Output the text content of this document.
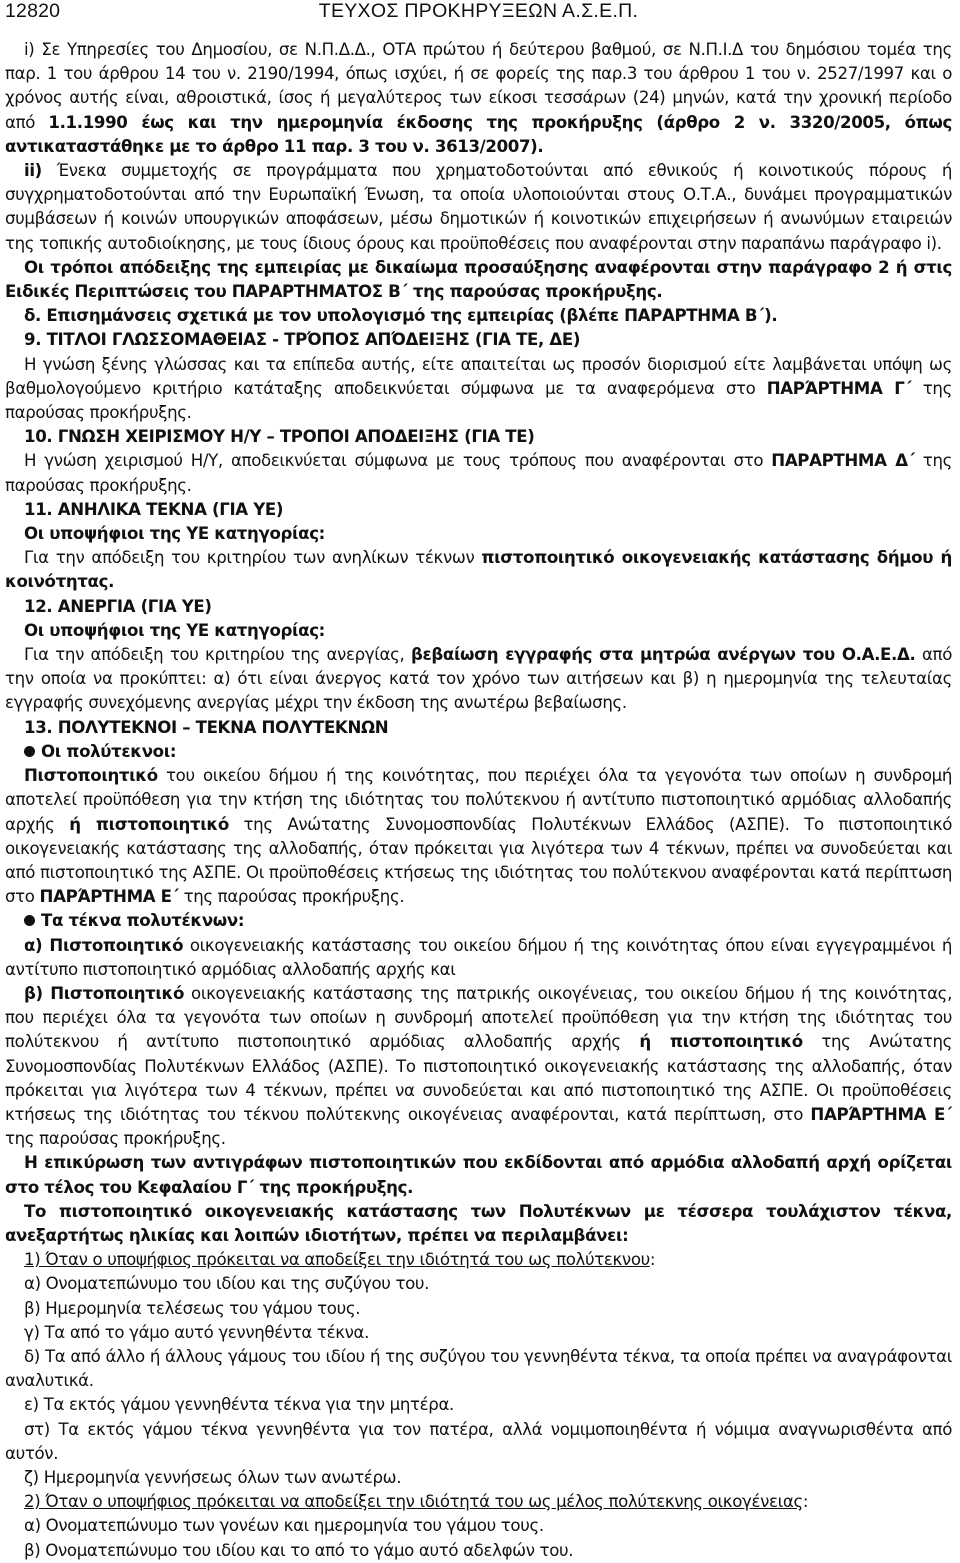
12820	ΤΕΥΧΟΣ ΠΡΟΚΗΡΥΞΕΩΝ Α.Σ.Ε.Π.

i) Σε Υπηρεσίες του Δημοσίου, σε Ν.Π.Δ.Δ., ΟΤΑ πρώτου ή δεύτερου βαθμού, σε Ν.Π.Ι.Δ του δημόσιου τομέα της παρ. 1 του άρθρου 14 του ν. 2190/1994, όπως ισχύει, ή σε φορείς της παρ.3 του άρθρου 1 του ν. 2527/1997 και ο χρόνος αυτής είναι, αθροιστικά, ίσος ή μεγαλύτερος των είκοσι τεσσάρων (24) μηνών, κατά την χρονική περίοδο από 1.1.1990 έως και την ημερομηνία έκδοσης της προκήρυξης (άρθρο 2 ν. 3320/2005, όπως αντικαταστάθηκε με το άρθρο 11 παρ. 3 του ν. 3613/2007).

ii) Ένεκα συμμετοχής σε προγράμματα που χρηματοδοτούνται από εθνικούς ή κοινοτικούς πόρους ή συγχρηματοδοτούνται από την Ευρωπαϊκή Ένωση, τα οποία υλοποιούνται στους Ο.Τ.Α., δυνάμει προγραμματικών συμβάσεων ή κοινών υπουργικών αποφάσεων, μέσω δημοτικών ή κοινοτικών επιχειρήσεων ή ανωνύμων εταιρειών της τοπικής αυτοδιοίκησης, με τους ίδιους όρους και προϋποθέσεις που αναφέρονται στην παραπάνω παράγραφο i).

Οι τρόποι απόδειξης της εμπειρίας με δικαίωμα προσαύξησης αναφέρονται στην παράγραφο 2 ή στις Ειδικές Περιπτώσεις του ΠΑΡΑΡΤΗΜΑΤΟΣ Β΄ της παρούσας προκήρυξης.

δ. Επισημάνσεις σχετικά με τον υπολογισμό της εμπειρίας (βλέπε ΠΑΡΑΡΤΗΜΑ Β΄).

9. ΤΙΤΛΟΙ ΓΛΩΣΣΟΜΑΘΕΙΑΣ - ΤΡΌΠΟΣ ΑΠΌΔΕΙΞΗΣ (ΓΙΑ ΤΕ, ΔΕ)

Η γνώση ξένης γλώσσας και τα επίπεδα αυτής, είτε απαιτείται ως προσόν διορισμού είτε λαμβάνεται υπόψη ως βαθμολογούμενο κριτήριο κατάταξης αποδεικνύεται σύμφωνα με τα αναφερόμενα στο ΠΑΡΆΡΤΗΜΑ Γ΄ της παρούσας προκήρυξης.

10. ΓΝΩΣΗ ΧΕΙΡΙΣΜΟΥ Η/Υ – ΤΡΟΠΟΙ ΑΠΟΔΕΙΞΗΣ (ΓΙΑ ΤΕ)

Η γνώση χειρισμού Η/Υ, αποδεικνύεται σύμφωνα με τους τρόπους που αναφέρονται στο ΠΑΡΑΡΤΗΜΑ Δ΄ της παρούσας προκήρυξης.

11. ΑΝΗΛΙΚΑ ΤΕΚΝΑ (ΓΙΑ ΥΕ)

Οι υποψήφιοι της ΥΕ κατηγορίας:

Για την απόδειξη του κριτηρίου των ανηλίκων τέκνων πιστοποιητικό οικογενειακής κατάστασης δήμου ή κοινότητας.

12. ΑΝΕΡΓΙΑ (ΓΙΑ ΥΕ)

Οι υποψήφιοι της ΥΕ κατηγορίας:

Για την απόδειξη του κριτηρίου της ανεργίας, βεβαίωση εγγραφής στα μητρώα ανέργων του Ο.Α.Ε.Δ. από την οποία να προκύπτει: α) ότι είναι άνεργος κατά τον χρόνο των αιτήσεων και β) η ημερομηνία της τελευταίας εγγραφής συνεχόμενης ανεργίας μέχρι την έκδοση της ανωτέρω βεβαίωσης.

13. ΠΟΛΥΤΕΚΝΟΙ – ΤΕΚΝΑ ΠΟΛΥΤΕΚΝΩΝ

Οι πολύτεκνοι:

Πιστοποιητικό του οικείου δήμου ή της κοινότητας, που περιέχει όλα τα γεγονότα των οποίων η συνδρομή αποτελεί προϋπόθεση για την κτήση της ιδιότητας του πολύτεκνου ή αντίτυπο πιστοποιητικό αρμόδιας αλλοδαπής αρχής ή πιστοποιητικό της Ανώτατης Συνομοσπονδίας Πολυτέκνων Ελλάδος (ΑΣΠΕ). Το πιστοποιητικό οικογενειακής κατάστασης της αλλοδαπής, όταν πρόκειται για λιγότερα των 4 τέκνων, πρέπει να συνοδεύεται και από πιστοποιητικό της ΑΣΠΕ. Οι προϋποθέσεις κτήσεως της ιδιότητας του πολύτεκνου αναφέρονται κατά περίπτωση στο ΠΑΡΆΡΤΗΜΑ Ε΄ της παρούσας προκήρυξης.

Τα τέκνα πολυτέκνων:

α) Πιστοποιητικό οικογενειακής κατάστασης του οικείου δήμου ή της κοινότητας όπου είναι εγγεγραμμένοι ή αντίτυπο πιστοποιητικό αρμόδιας αλλοδαπής αρχής και

β) Πιστοποιητικό οικογενειακής κατάστασης της πατρικής οικογένειας, του οικείου δήμου ή της κοινότητας, που περιέχει όλα τα γεγονότα των οποίων η συνδρομή αποτελεί προϋπόθεση για την κτήση της ιδιότητας του πολύτεκνου ή αντίτυπο πιστοποιητικό αρμόδιας αλλοδαπής αρχής ή πιστοποιητικό της Ανώτατης Συνομοσπονδίας Πολυτέκνων Ελλάδος (ΑΣΠΕ). Το πιστοποιητικό οικογενειακής κατάστασης της αλλοδαπής, όταν πρόκειται για λιγότερα των 4 τέκνων, πρέπει να συνοδεύεται και από πιστοποιητικό της ΑΣΠΕ. Οι προϋποθέσεις κτήσεως της ιδιότητας του τέκνου πολύτεκνης οικογένειας αναφέρονται, κατά περίπτωση, στο ΠΑΡΆΡΤΗΜΑ Ε΄ της παρούσας προκήρυξης.

Η επικύρωση των αντιγράφων πιστοποιητικών που εκδίδονται από αρμόδια αλλοδαπή αρχή ορίζεται στο τέλος του Κεφαλαίου Γ΄ της προκήρυξης.

Το πιστοποιητικό οικογενειακής κατάστασης των Πολυτέκνων με τέσσερα τουλάχιστον τέκνα, ανεξαρτήτως ηλικίας και λοιπών ιδιοτήτων, πρέπει να περιλαμβάνει:

1) Όταν ο υποψήφιος πρόκειται να αποδείξει την ιδιότητά του ως πολύτεκνου:

α) Ονοματεπώνυμο του ιδίου και της συζύγου του.

β) Ημερομηνία τελέσεως του γάμου τους.

γ) Τα από το γάμο αυτό γεννηθέντα τέκνα.

δ) Τα από άλλο ή άλλους γάμους του ιδίου ή της συζύγου του γεννηθέντα τέκνα, τα οποία πρέπει να αναγράφονται αναλυτικά.

ε) Τα εκτός γάμου γεννηθέντα τέκνα για την μητέρα.

στ) Τα εκτός γάμου τέκνα γεννηθέντα για τον πατέρα, αλλά νομιμοποιηθέντα ή νόμιμα αναγνωρισθέντα από αυτόν.

ζ) Ημερομηνία γεννήσεως όλων των ανωτέρω.

2) Όταν ο υποψήφιος πρόκειται να αποδείξει την ιδιότητά του ως μέλος πολύτεκνης οικογένειας:

α) Ονοματεπώνυμο των γονέων και ημερομηνία του γάμου τους.

β) Ονοματεπώνυμο του ιδίου και το από το γάμο αυτό αδελφών του.
